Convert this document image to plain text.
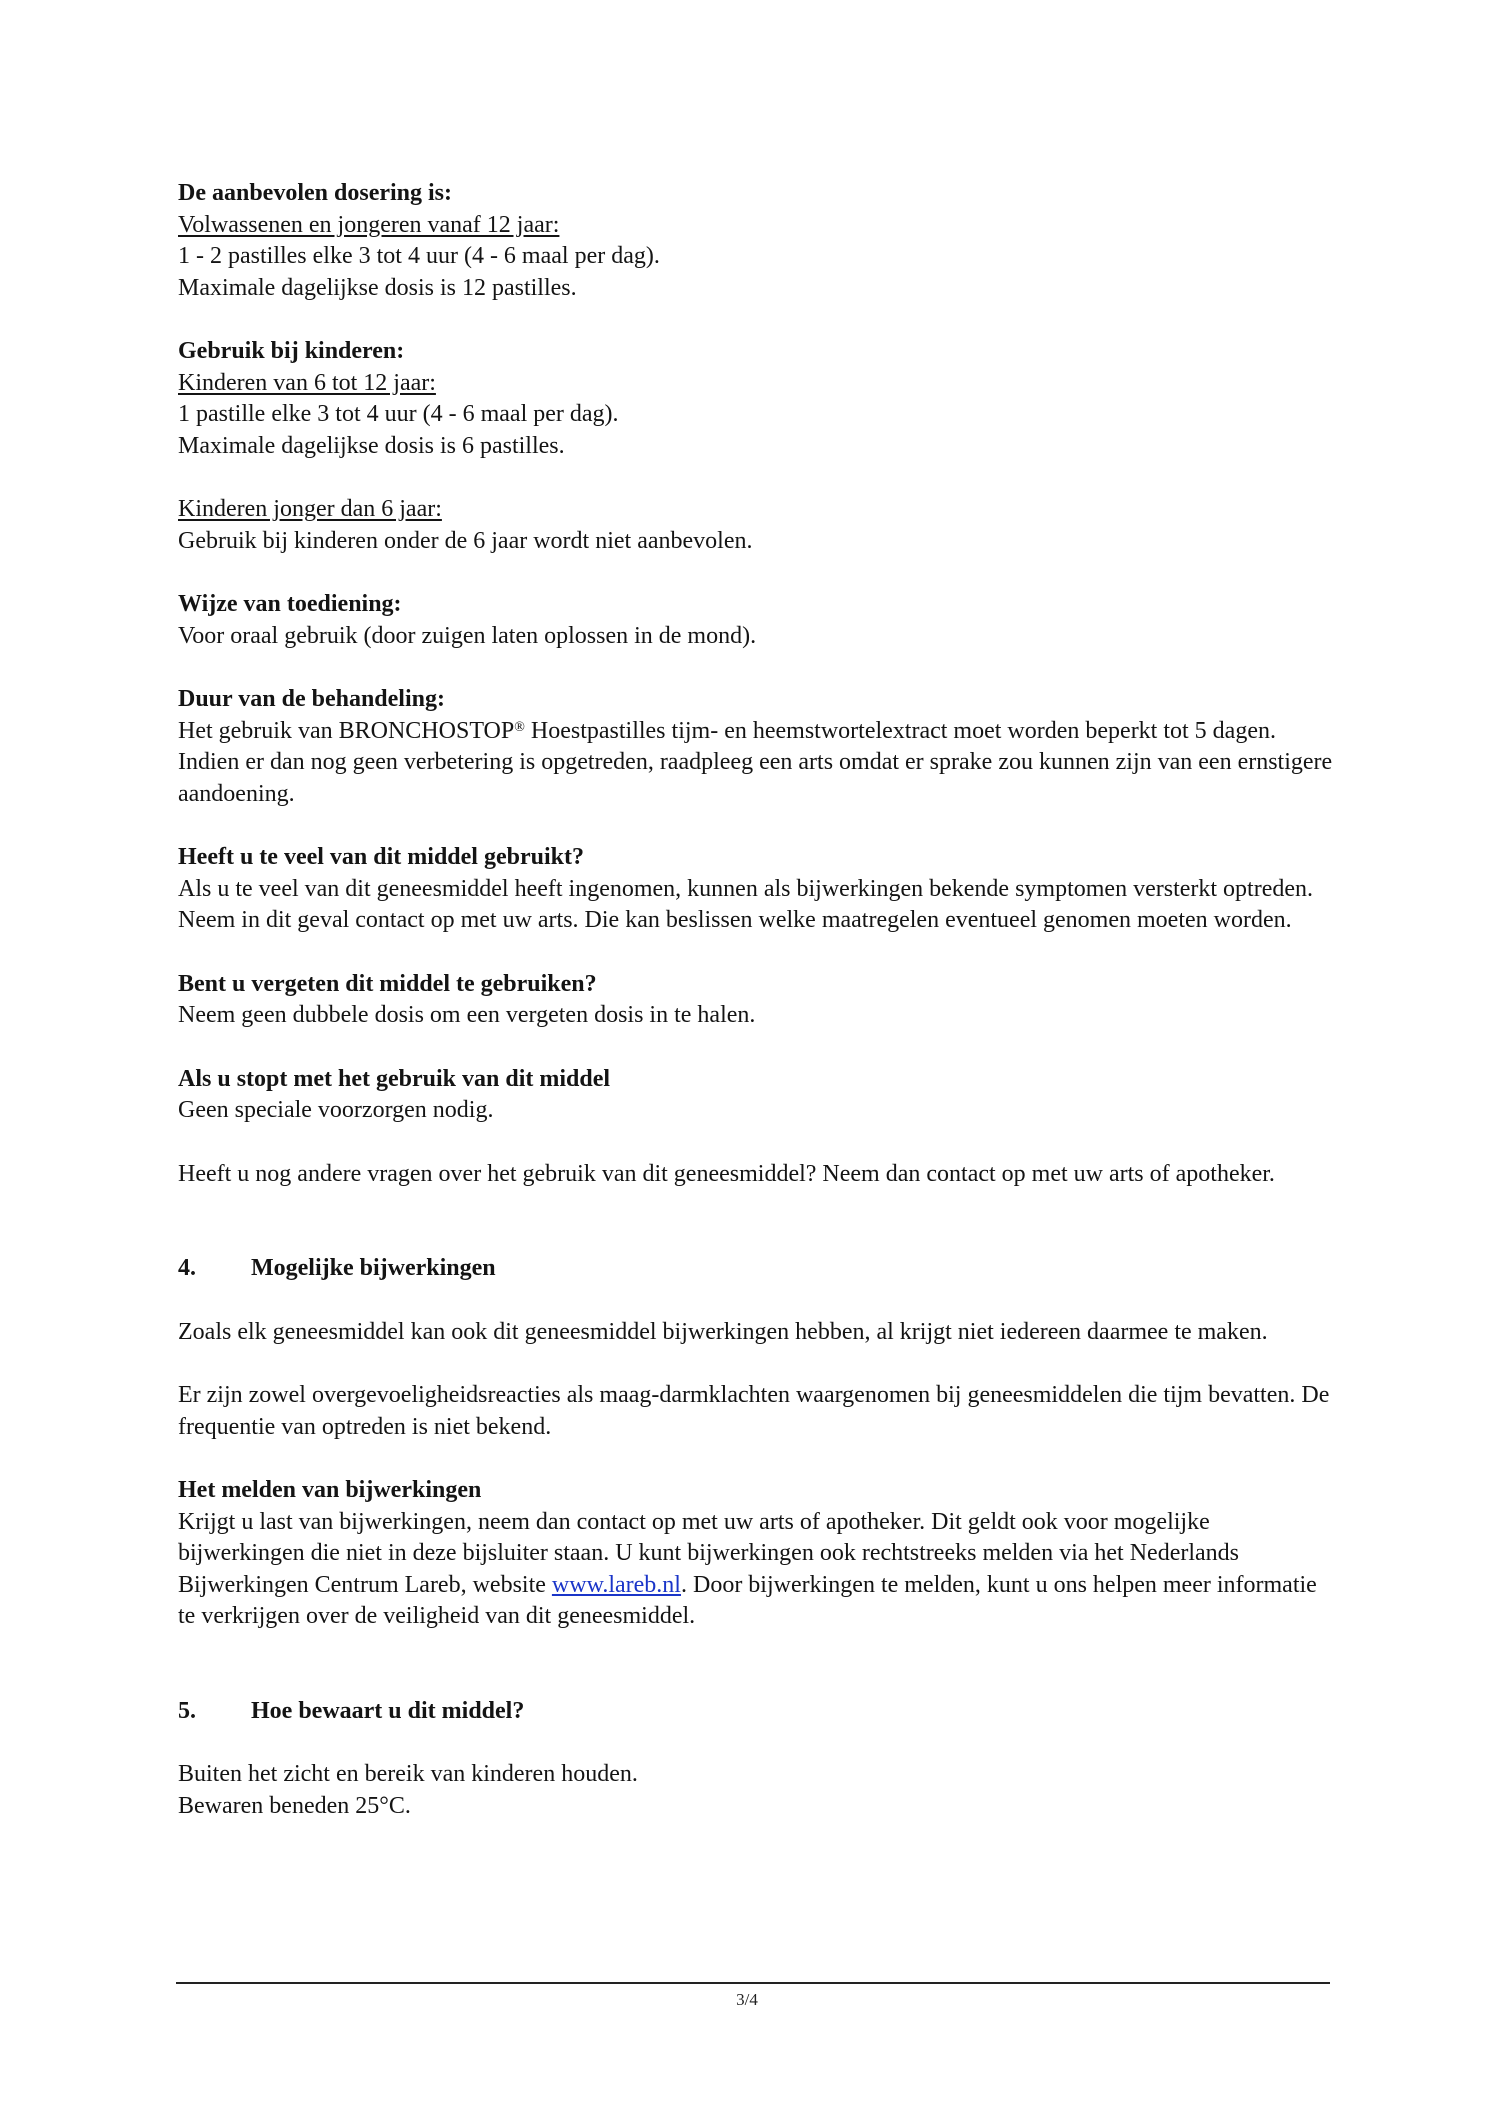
De aanbevolen dosering is:
Volwassenen en jongeren vanaf 12 jaar:
1 - 2 pastilles elke 3 tot 4 uur (4 - 6 maal per dag).
Maximale dagelijkse dosis is 12 pastilles.
Gebruik bij kinderen:
Kinderen van 6 tot 12 jaar:
1 pastille elke 3 tot 4 uur (4 - 6 maal per dag).
Maximale dagelijkse dosis is 6 pastilles.
Kinderen jonger dan 6 jaar:
Gebruik bij kinderen onder de 6 jaar wordt niet aanbevolen.
Wijze van toediening:
Voor oraal gebruik (door zuigen laten oplossen in de mond).
Duur van de behandeling:
Het gebruik van BRONCHOSTOP® Hoestpastilles tijm- en heemstwortelextract moet worden beperkt tot 5 dagen. Indien er dan nog geen verbetering is opgetreden, raadpleeg een arts omdat er sprake zou kunnen zijn van een ernstigere aandoening.
Heeft u te veel van dit middel gebruikt?
Als u te veel van dit geneesmiddel heeft ingenomen, kunnen als bijwerkingen bekende symptomen versterkt optreden. Neem in dit geval contact op met uw arts. Die kan beslissen welke maatregelen eventueel genomen moeten worden.
Bent u vergeten dit middel te gebruiken?
Neem geen dubbele dosis om een vergeten dosis in te halen.
Als u stopt met het gebruik van dit middel
Geen speciale voorzorgen nodig.
Heeft u nog andere vragen over het gebruik van dit geneesmiddel? Neem dan contact op met uw arts of apotheker.
4.	Mogelijke bijwerkingen
Zoals elk geneesmiddel kan ook dit geneesmiddel bijwerkingen hebben, al krijgt niet iedereen daarmee te maken.
Er zijn zowel overgevoeligheidsreacties als maag-darmklachten waargenomen bij geneesmiddelen die tijm bevatten. De frequentie van optreden is niet bekend.
Het melden van bijwerkingen
Krijgt u last van bijwerkingen, neem dan contact op met uw arts of apotheker. Dit geldt ook voor mogelijke bijwerkingen die niet in deze bijsluiter staan. U kunt bijwerkingen ook rechtstreeks melden via het Nederlands Bijwerkingen Centrum Lareb, website www.lareb.nl. Door bijwerkingen te melden, kunt u ons helpen meer informatie te verkrijgen over de veiligheid van dit geneesmiddel.
5.	Hoe bewaart u dit middel?
Buiten het zicht en bereik van kinderen houden.
Bewaren beneden 25°C.
3/4
